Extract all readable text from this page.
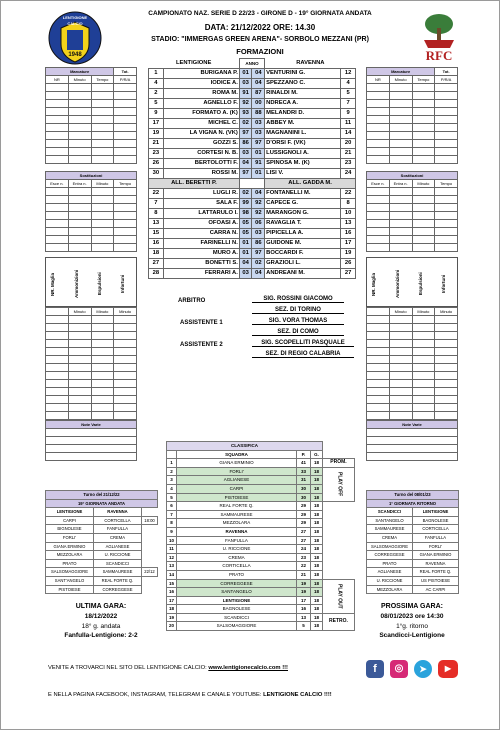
LENTIGIONE
CALCIO
1948	RFC
CAMPIONATO NAZ. SERIE D 22/23 - GIRONE D - 19° GIORNATA ANDATA
DATA: 21/12/2022 ORE: 14.30
STADIO: "IMMERGAS GREEN ARENA"- SORBOLO MEZZANI (PR)
FORMAZIONI
Marcature			Tot.
NR	Minuto	Tempo	P/R/A

Sostituzioni			
Esce n.	Entra n.	Minuto	Tempo

NR. Maglia	Ammonizioni	Espulsioni	Infortuni
	Minuto	Minuto	Minuto

Note Varie

Marcature			Tot.
NR	Minuto	Tempo	P/R/A

Sostituzioni			
Esce n.	Entra n.	Minuto	Tempo

NR. Maglia	Ammonizioni	Espulsioni	Infortuni
	Minuto	Minuto	Minuto

Note Varie

LENTIGIONE		ANNO		RAVENNA	
1	BURIGANA P.	01	04	VENTURINI G.	12
4	IODICE A.	03	04	SPEZZANO C.	4
2	ROMA M.	91	87	RINALDI M.	5
5	AGNELLO F.	92	00	NDRECA A.	7
9	FORMATO A. (K)	93	88	MELANDRI D.	9
17	MICHEL C.	02	03	ABBEY M.	11
19	LA VIGNA N. (VK)	97	03	MAGNANINI L.	14
21	GOZZI S.	86	97	D'ORSI F. (VK)	20
23	CORTESI N. B.	03	01	LUSSIGNOLI A.	21
26	BERTOLOTTI F.	04	91	SPINOSA M. (K)	23
30	ROSSI M.	97	01	LISI V.	24
ALL. BERETTI P.				ALL. GADDA M.	
22	LUGLI R.	02	04	FONTANELLI M.	22
7	SALA F.	99	92	CAPECE G.	8
8	LATTARULO I.	98	92	MARANGON G.	10
13	OFOASI A.	05	06	RAVAGLIA T.	13
15	CARRA N.	05	03	PIPICELLA A.	16
16	FARINELLI N.	01	86	GUIDONE M.	17
18	MURO A.	01	97	BOCCARDI F.	19
27	BONETTI S.	04	02	GRAZIOLI L.	26
28	FERRARI A.	03	04	ANDREANI M.	27
ARBITRO	SIG. ROSSINI GIACOMO
SEZ. DI TORINO
ASSISTENTE 1	SIG. VORA THOMAS
SEZ. DI COMO
ASSISTENTE 2	SIG. SCOPELLITI PASQUALE
SEZ. DI REGIO CALABRIA
CLASSIFICA				
	SQUADRA	P.	G.	
1	GIANA ERMINIO	41	18	PROM.
2	FORLI'	33	18	PLAY OFF
3	AGLIANESE	31	18	
4	CARPI	30	18	
5	PISTOIESE	30	18	
6	REAL FORTE Q.	29	18	
7	SAMMAURESE	29	18	
8	MEZZOLARA	29	18	
9	RAVENNA	27	18	
10	FANFULLA	27	18	
11	U. RICCIONE	24	18	
12	CREMA	23	18	
13	CORTICELLA	22	18	
14	PRATO	21	18	
15	CORREGGESE	19	18	PLAY OUT
16	SANTANGELO	19	18	
17	LENTIGIONE	17	18	
18	BAGNOLESE	16	18	
19	SCANDICCI	13	18	RETRO.
20	SALSOMAGGIORE	5	18	
Turno del 21/12/22		
19° GIORNATA ANDATA		
LENTIGIONE	RAVENNA	
CARPI	CORTICELLA	18:00
BIGNOLESE	FANFULLA	
FORLI'	CREMA	
GIANA ERMINIO	AGLIANESE	
MEZZOLARA	U. RICCIONE	
PRATO	SCANDICCI	
SALSOMAGGIORE	SAMMAURESE	22/12
SANT'ANGELO	REAL FORTE Q.	
PISTOIESE	CORREGGESE	
Turno del 08/01/23	
1° GIORNATA RITORNO	
SCANDICCI	LENTIGIONE
SANTANGELO	BAGNOLESE
SAMMAURESE	CORTICELLA
CREMA	FANFULLA
SALSOMAGGIORE	FORLI'
CORREGGESE	GIANA ERMINIO
PRATO	RAVENNA
AGLIANESE	REAL FORTE Q.
U. RICCIONE	US PISTOIESE
MEZZOLARA	AC CARPI
ULTIMA GARA:
18/12/2022
18° g. andata
Fanfulla-Lentigione: 2-2
PROSSIMA GARA:
08/01/2023 ore 14:30
1°g. ritorno
Scandicci-Lentigione
VENITE A TROVARCI NEL SITO DEL LENTIGIONE CALCIO: www.lentigionecalcio.com !!!
E NELLA PAGINA FACEBOOK, INSTAGRAM, TELEGRAM E CANALE YOUTUBE: LENTIGIONE CALCIO !!!!
f	◎	➤	▶
